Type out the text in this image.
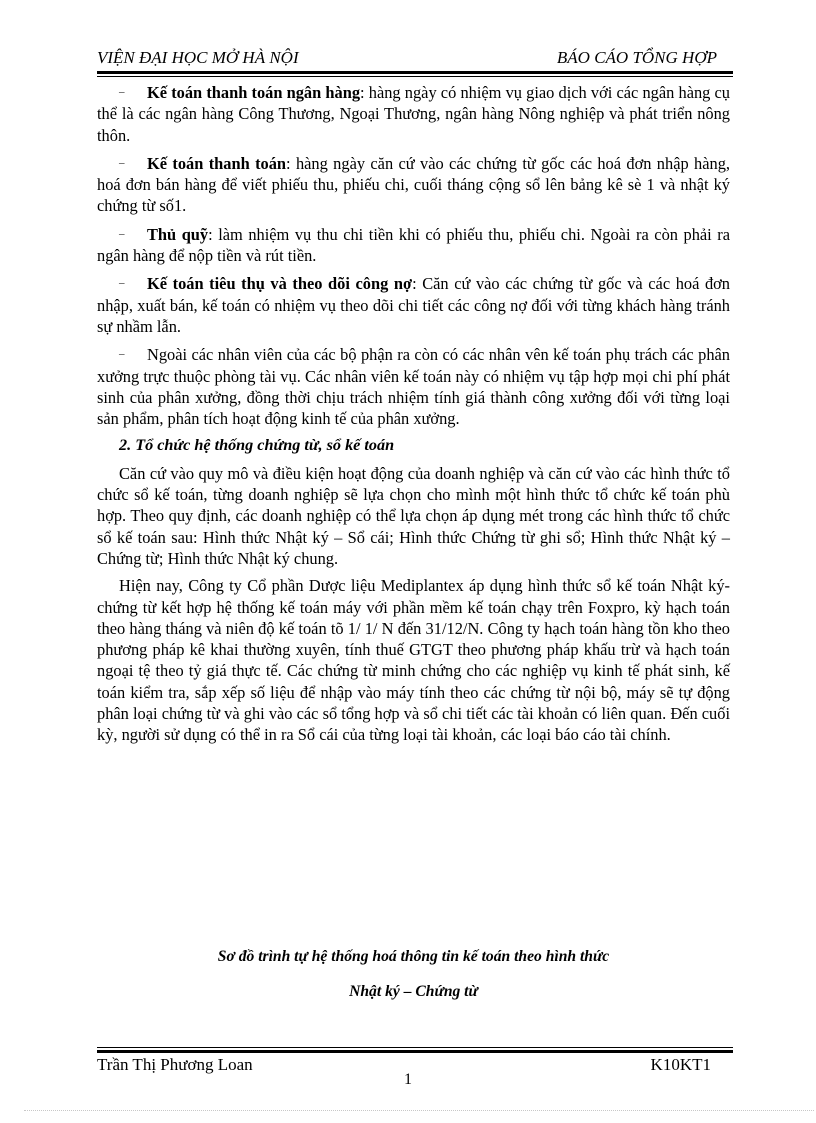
VIỆN ĐẠI HỌC MỞ HÀ NỘI	BÁO CÁO TỔNG HỢP

– Kế toán thanh toán ngân hàng: hàng ngày có nhiệm vụ giao dịch với các ngân hàng cụ thể là các ngân hàng Công Thương, Ngoại Thương, ngân hàng Nông nghiệp và phát triển nông thôn.

– Kế toán thanh toán: hàng ngày căn cứ vào các chứng từ gốc các hoá đơn nhập hàng, hoá đơn bán hàng để viết phiếu thu, phiếu chi, cuối tháng cộng sổ lên bảng kê sè 1 và nhật ký chứng từ số1.

– Thủ quỹ: làm nhiệm vụ thu chi tiền khi có phiếu thu, phiếu chi. Ngoài ra còn phải ra ngân hàng để nộp tiền và rút tiền.

– Kế toán tiêu thụ và theo dõi công nợ: Căn cứ vào các chứng từ gốc và các hoá đơn nhập, xuất bán, kế toán có nhiệm vụ theo dõi chi tiết các công nợ đối với từng khách hàng tránh sự nhầm lẫn.

– Ngoài các nhân viên của các bộ phận ra còn có các nhân vên kế toán phụ trách các phân xưởng trực thuộc phòng tài vụ. Các nhân viên kế toán này có nhiệm vụ tập hợp mọi chi phí phát sinh của phân xưởng, đồng thời chịu trách nhiệm tính giá thành công xưởng đối với từng loại sản phẩm, phân tích hoạt động kinh tế của phân xưởng.

2. Tổ chức hệ thống chứng từ, sổ kế toán

Căn cứ vào quy mô và điều kiện hoạt động của doanh nghiệp và căn cứ vào các hình thức tổ chức sổ kế toán, từng doanh nghiệp sẽ lựa chọn cho mình một hình thức tổ chức kế toán phù hợp. Theo quy định, các doanh nghiệp có thể lựa chọn áp dụng mét trong các hình thức tổ chức sổ kế toán sau: Hình thức Nhật ký – Sổ cái; Hình thức Chứng từ ghi sổ; Hình thức Nhật ký – Chứng từ; Hình thức Nhật ký chung.

Hiện nay, Công ty Cổ phần Dược liệu Mediplantex áp dụng hình thức sổ kế toán Nhật ký- chứng từ kết hợp hệ thống kế toán máy với phần mềm kế toán chạy trên Foxpro, kỳ hạch toán theo hàng tháng và niên độ kế toán tõ 1/ 1/ N đến 31/12/N. Công ty hạch toán hàng tồn kho theo phương pháp kê khai thường xuyên, tính thuế GTGT theo phương pháp khấu trừ và hạch toán ngoại tệ theo tỷ giá thực tế. Các chứng từ minh chứng cho các nghiệp vụ kinh tế phát sinh, kế toán kiểm tra, sắp xếp số liệu để nhập vào máy tính theo các chứng từ nội bộ, máy sẽ tự động phân loại chứng từ và ghi vào các sổ tổng hợp và sổ chi tiết các tài khoản có liên quan. Đến cuối kỳ, người sử dụng có thể in ra Sổ cái của từng loại tài khoản, các loại báo cáo tài chính.

Sơ đồ trình tự hệ thống hoá thông tin kế toán theo hình thức
Nhật ký – Chứng từ
Trần Thị Phương Loan	K10KT1
1
